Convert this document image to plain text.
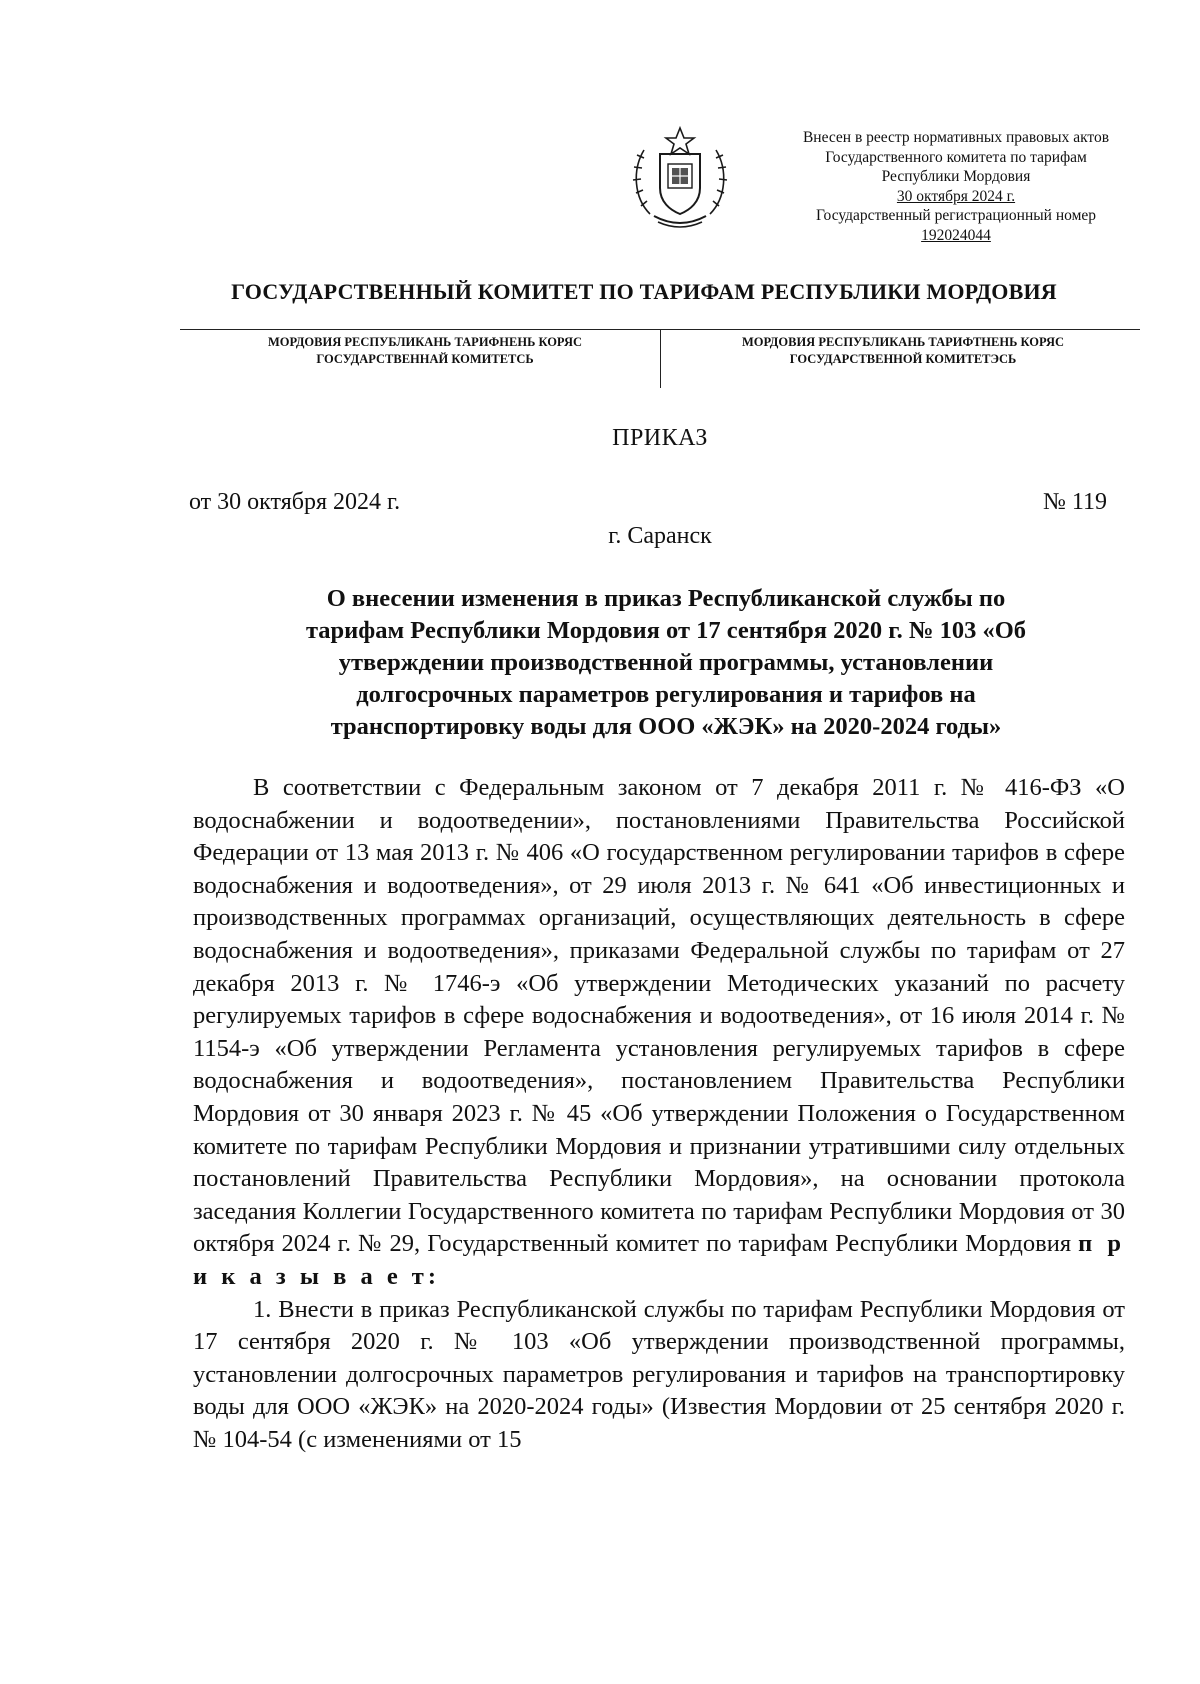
Внесен в реестр нормативных правовых актов
Государственного комитета по тарифам
Республики Мордовия
30 октября 2024 г.
Государственный регистрационный номер
192024044
ГОСУДАРСТВЕННЫЙ КОМИТЕТ ПО ТАРИФАМ РЕСПУБЛИКИ МОРДОВИЯ
МОРДОВИЯ РЕСПУБЛИКАНЬ ТАРИФНЕНЬ КОРЯС
ГОСУДАРСТВЕННАЙ КОМИТЕТСЬ
МОРДОВИЯ РЕСПУБЛИКАНЬ ТАРИФТНЕНЬ КОРЯС
ГОСУДАРСТВЕННОЙ КОМИТЕТЭСЬ
ПРИКАЗ
от 30 октября 2024 г.	№ 119
г. Саранск
О внесении изменения в приказ Республиканской службы по
тарифам Республики Мордовия от 17 сентября 2020 г. № 103 «Об
утверждении производственной программы, установлении
долгосрочных параметров регулирования и тарифов на
транспортировку воды для ООО «ЖЭК» на 2020-2024 годы»

В соответствии с Федеральным законом от 7 декабря 2011 г. № 416-ФЗ «О водоснабжении и водоотведении», постановлениями Правительства Российской Федерации от 13 мая 2013 г. № 406 «О государственном регулировании тарифов в сфере водоснабжения и водоотведения», от 29 июля 2013 г. № 641 «Об инвестиционных и производственных программах организаций, осуществляющих деятельность в сфере водоснабжения и водоотведения», приказами Федеральной службы по тарифам от 27 декабря 2013 г. № 1746-э «Об утверждении Методических указаний по расчету регулируемых тарифов в сфере водоснабжения и водоотведения», от 16 июля 2014 г. № 1154-э «Об утверждении Регламента установления регулируемых тарифов в сфере водоснабжения и водоотведения», постановлением Правительства Республики Мордовия от 30 января 2023 г. № 45 «Об утверждении Положения о Государственном комитете по тарифам Республики Мордовия и признании утратившими силу отдельных постановлений Правительства Республики Мордовия», на основании протокола заседания Коллегии Государственного комитета по тарифам Республики Мордовия от 30 октября 2024 г. № 29, Государственный комитет по тарифам Республики Мордовия п р и к а з ы в а е т:

1. Внести в приказ Республиканской службы по тарифам Республики Мордовия от 17 сентября 2020 г. № 103 «Об утверждении производственной программы, установлении долгосрочных параметров регулирования и тарифов на транспортировку воды для ООО «ЖЭК» на 2020-2024 годы» (Известия Мордовии от 25 сентября 2020 г. № 104-54 (с изменениями от 15
